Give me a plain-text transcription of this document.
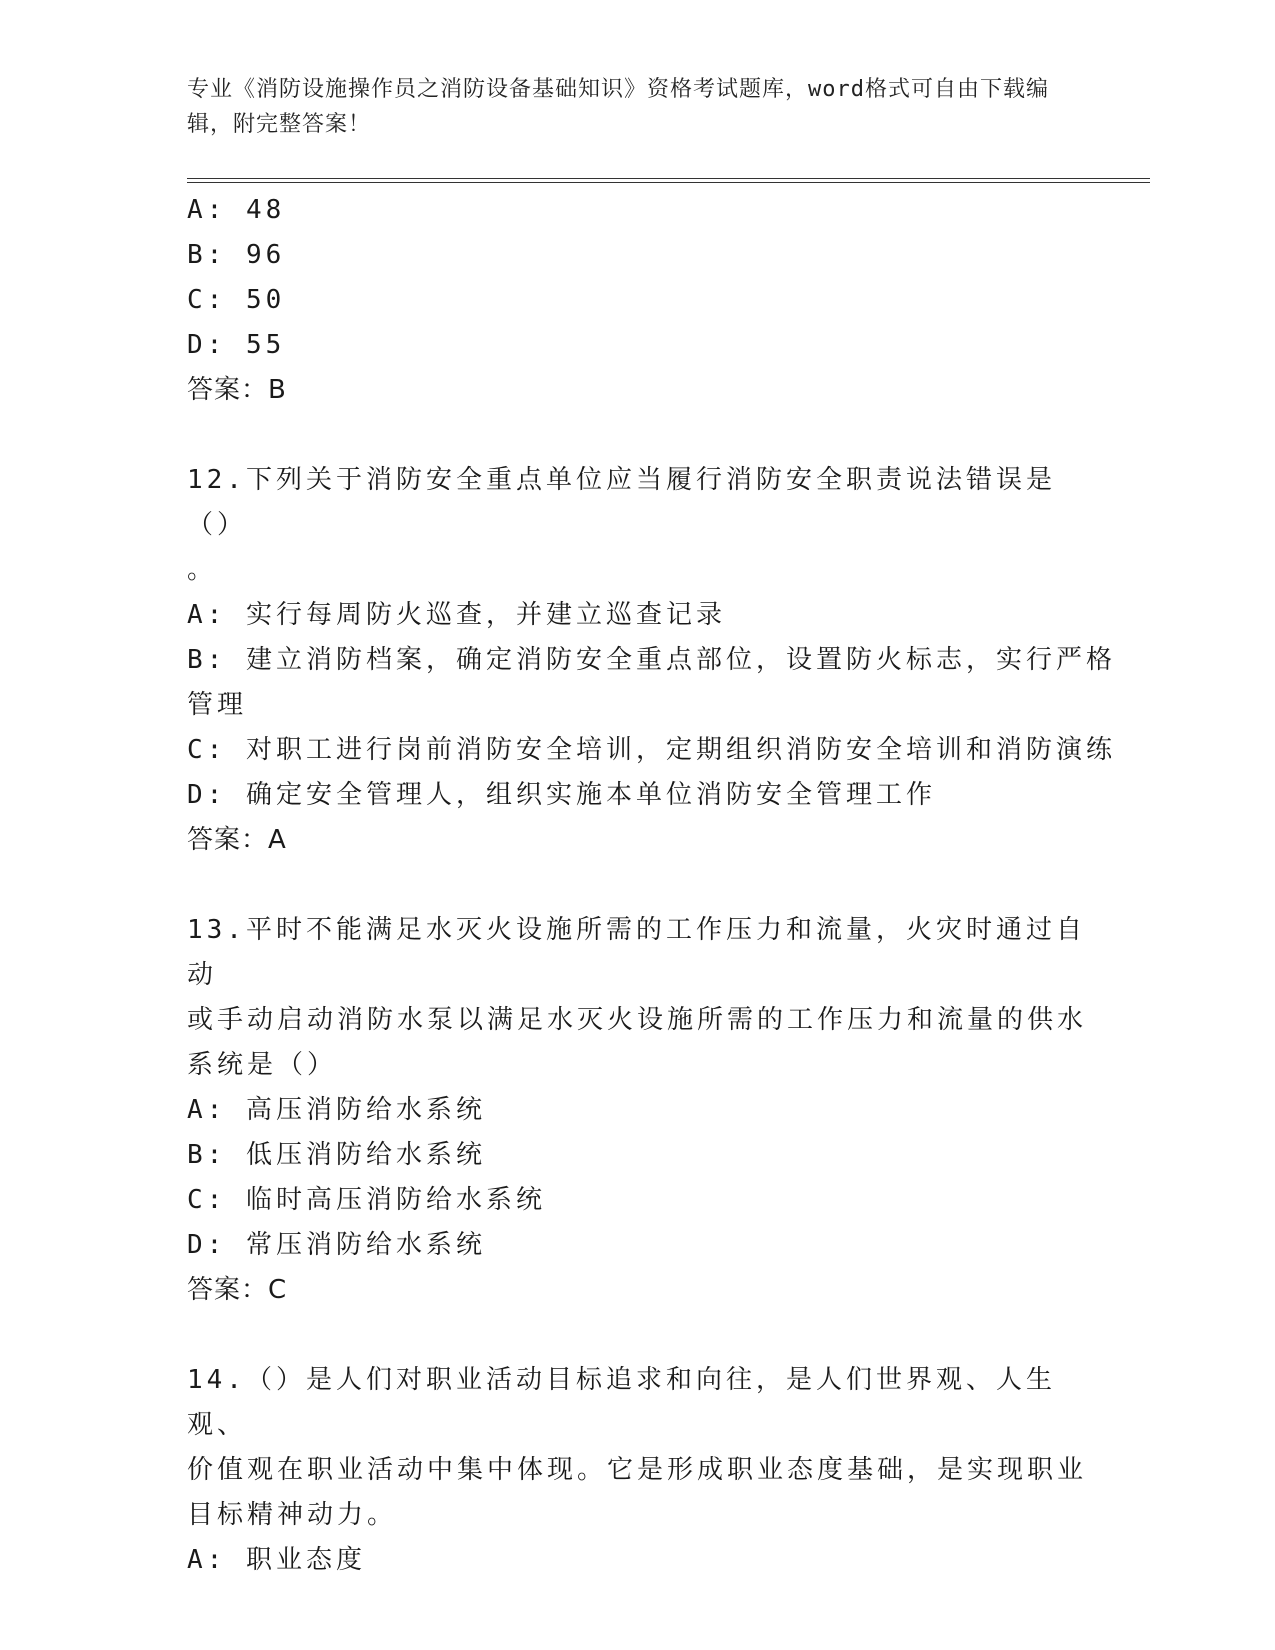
专业《消防设施操作员之消防设备基础知识》资格考试题库，word格式可自由下载编辑，附完整答案！
A: 48
B: 96
C: 50
D: 55
答案：B
12.下列关于消防安全重点单位应当履行消防安全职责说法错误是（）
。
A: 实行每周防火巡查，并建立巡查记录
B: 建立消防档案，确定消防安全重点部位，设置防火标志，实行严格
管理
C: 对职工进行岗前消防安全培训，定期组织消防安全培训和消防演练
D: 确定安全管理人，组织实施本单位消防安全管理工作
答案：A
13.平时不能满足水灭火设施所需的工作压力和流量，火灾时通过自动
或手动启动消防水泵以满足水灭火设施所需的工作压力和流量的供水
系统是（）
A: 高压消防给水系统
B: 低压消防给水系统
C: 临时高压消防给水系统
D: 常压消防给水系统
答案：C
14.（）是人们对职业活动目标追求和向往，是人们世界观、人生观、
价值观在职业活动中集中体现。它是形成职业态度基础，是实现职业
目标精神动力。
A: 职业态度
